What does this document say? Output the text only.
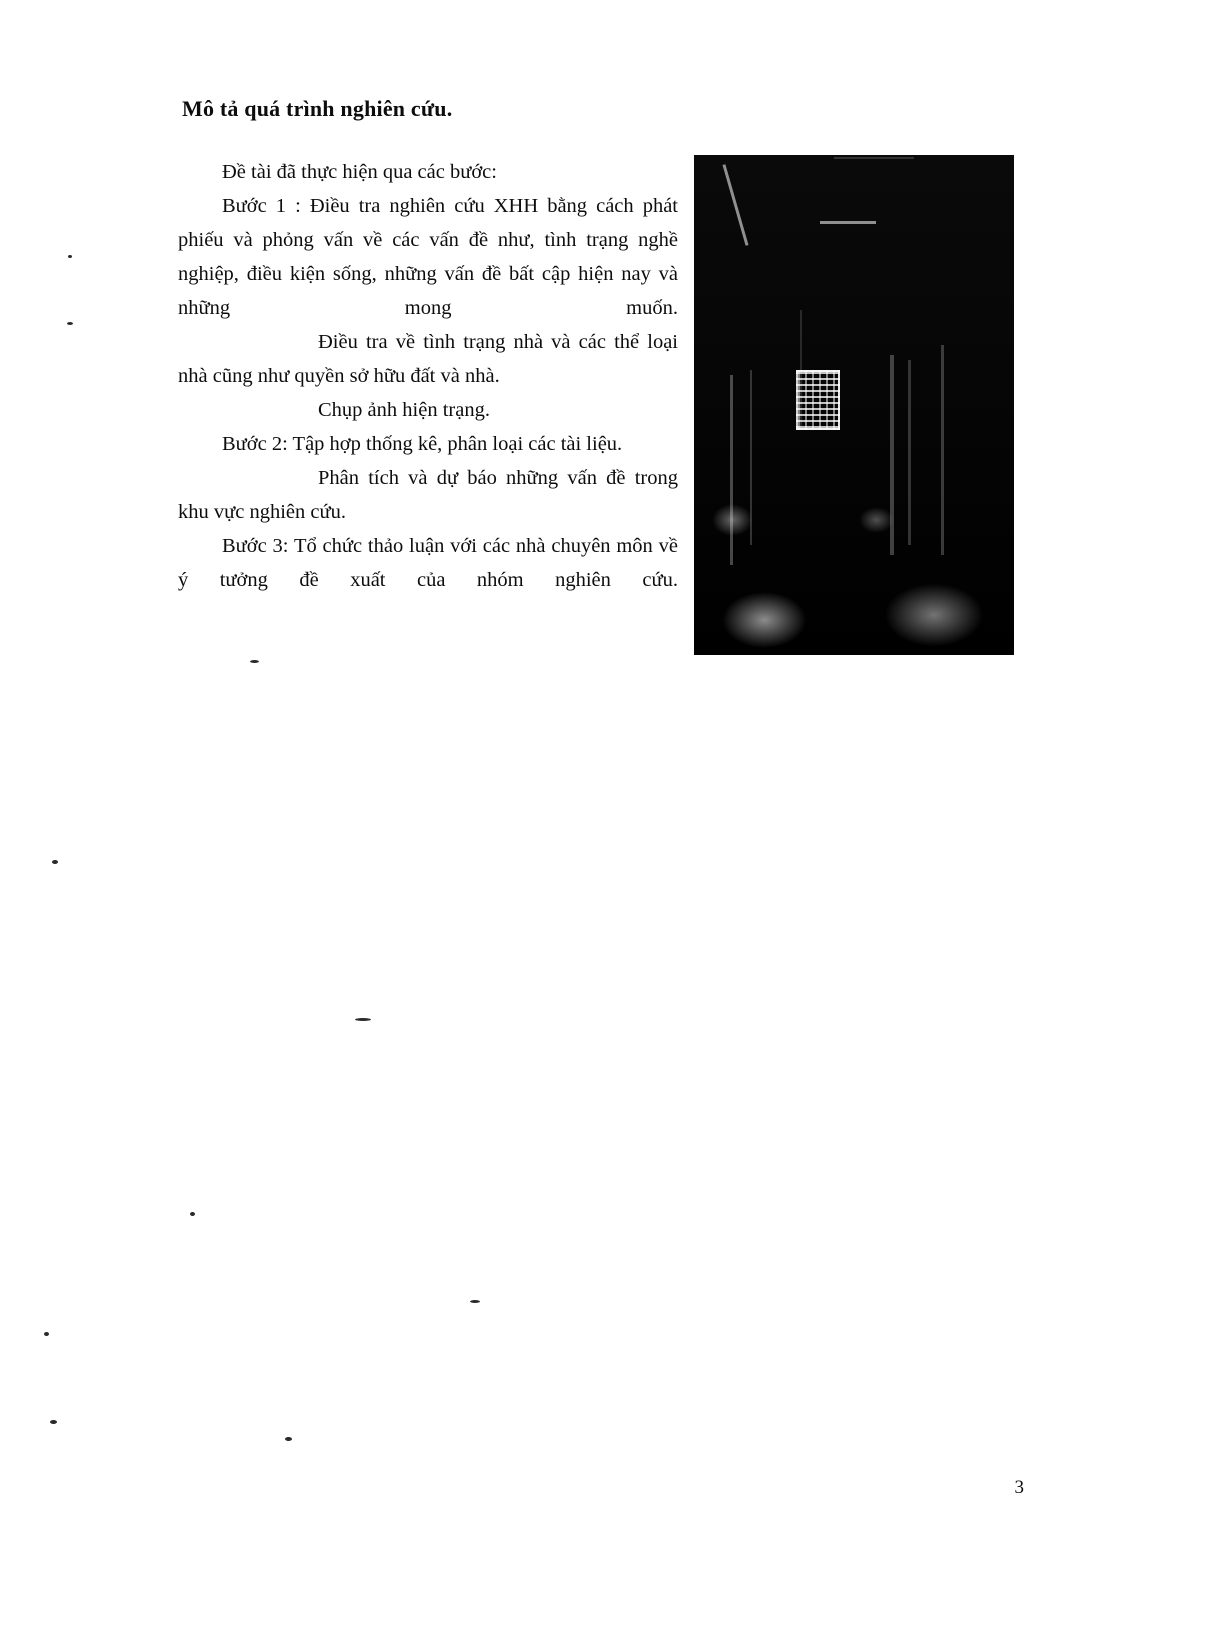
Mô tả quá trình nghiên cứu.

Đề tài đã thực hiện qua các bước:

Bước 1 : Điều tra nghiên cứu XHH bằng cách phát phiếu và phỏng vấn về các vấn đề như, tình trạng nghề nghiệp, điều kiện sống, những vấn đề bất cập hiện nay và những mong muốn.

Điều tra về tình trạng nhà và các thể loại nhà cũng như quyền sở hữu đất và nhà.

Chụp ảnh hiện trạng.

Bước 2: Tập hợp thống kê, phân loại các tài liệu.

Phân tích và dự báo những vấn đề trong khu vực nghiên cứu.

Bước 3: Tổ chức thảo luận với các nhà chuyên môn về ý tưởng đề xuất của nhóm nghiên cứu.

3
